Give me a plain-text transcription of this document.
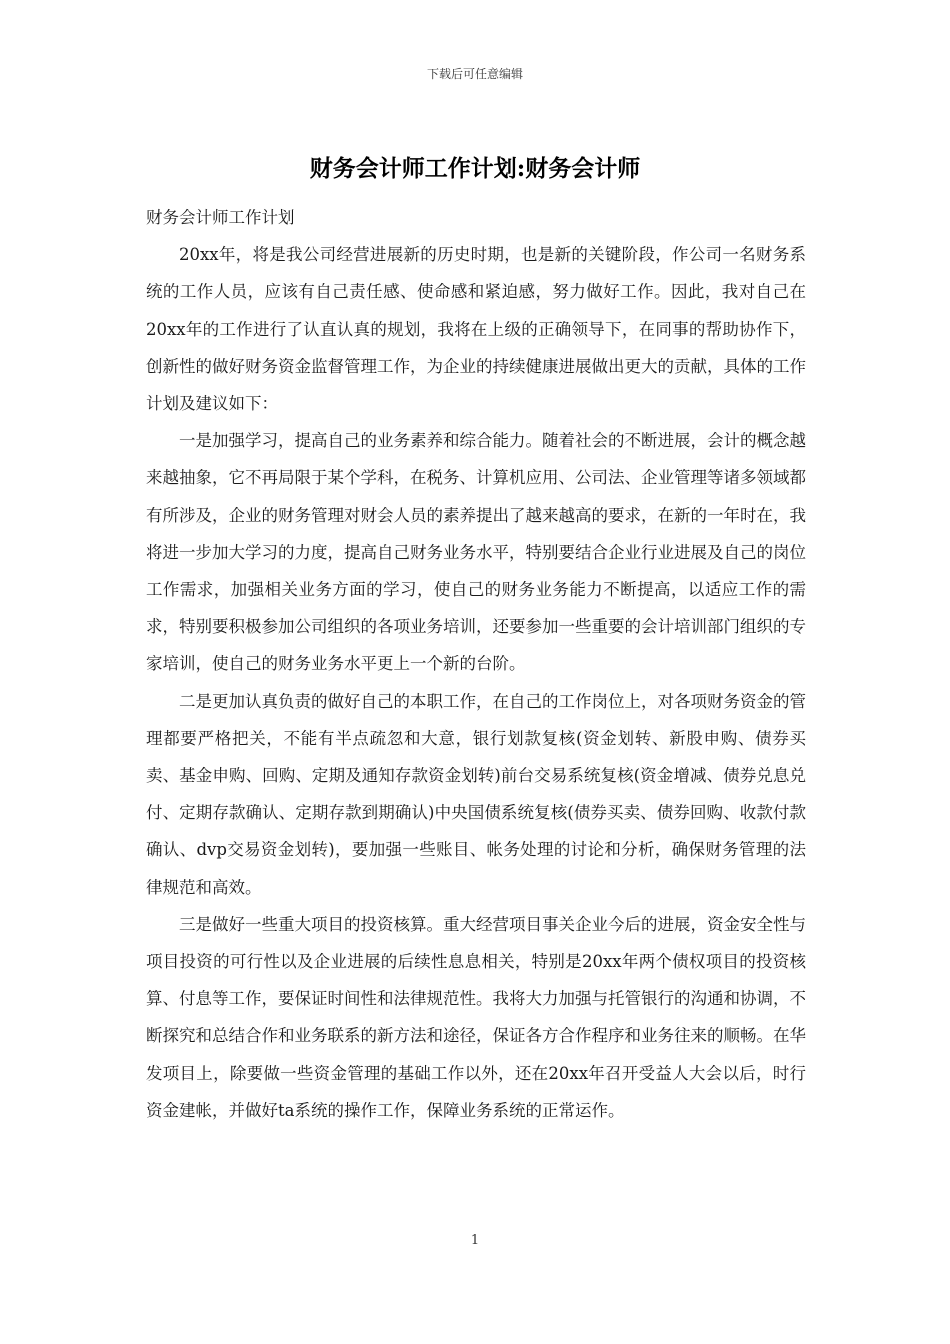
下载后可任意编辑
财务会计师工作计划:财务会计师

财务会计师工作计划

20xx年，将是我公司经营进展新的历史时期，也是新的关键阶段，作公司一名财务系统的工作人员，应该有自己责任感、使命感和紧迫感，努力做好工作。因此，我对自己在20xx年的工作进行了认直认真的规划，我将在上级的正确领导下，在同事的帮助协作下，创新性的做好财务资金监督管理工作，为企业的持续健康进展做出更大的贡献，具体的工作计划及建议如下：

一是加强学习，提高自己的业务素养和综合能力。随着社会的不断进展，会计的概念越来越抽象，它不再局限于某个学科，在税务、计算机应用、公司法、企业管理等诸多领域都有所涉及，企业的财务管理对财会人员的素养提出了越来越高的要求，在新的一年时在，我将进一步加大学习的力度，提高自己财务业务水平，特别要结合企业行业进展及自己的岗位工作需求，加强相关业务方面的学习，使自己的财务业务能力不断提高，以适应工作的需求，特别要积极参加公司组织的各项业务培训，还要参加一些重要的会计培训部门组织的专家培训，使自己的财务业务水平更上一个新的台阶。

二是更加认真负责的做好自己的本职工作，在自己的工作岗位上，对各项财务资金的管理都要严格把关，不能有半点疏忽和大意，银行划款复核(资金划转、新股申购、债券买卖、基金申购、回购、定期及通知存款资金划转)前台交易系统复核(资金增减、债券兑息兑付、定期存款确认、定期存款到期确认)中央国债系统复核(债券买卖、债券回购、收款付款确认、dvp交易资金划转)，要加强一些账目、帐务处理的讨论和分析，确保财务管理的法律规范和高效。

三是做好一些重大项目的投资核算。重大经营项目事关企业今后的进展，资金安全性与项目投资的可行性以及企业进展的后续性息息相关，特别是20xx年两个债权项目的投资核算、付息等工作，要保证时间性和法律规范性。我将大力加强与托管银行的沟通和协调，不断探究和总结合作和业务联系的新方法和途径，保证各方合作程序和业务往来的顺畅。在华发项目上，除要做一些资金管理的基础工作以外，还在20xx年召开受益人大会以后，时行资金建帐，并做好ta系统的操作工作，保障业务系统的正常运作。

1
